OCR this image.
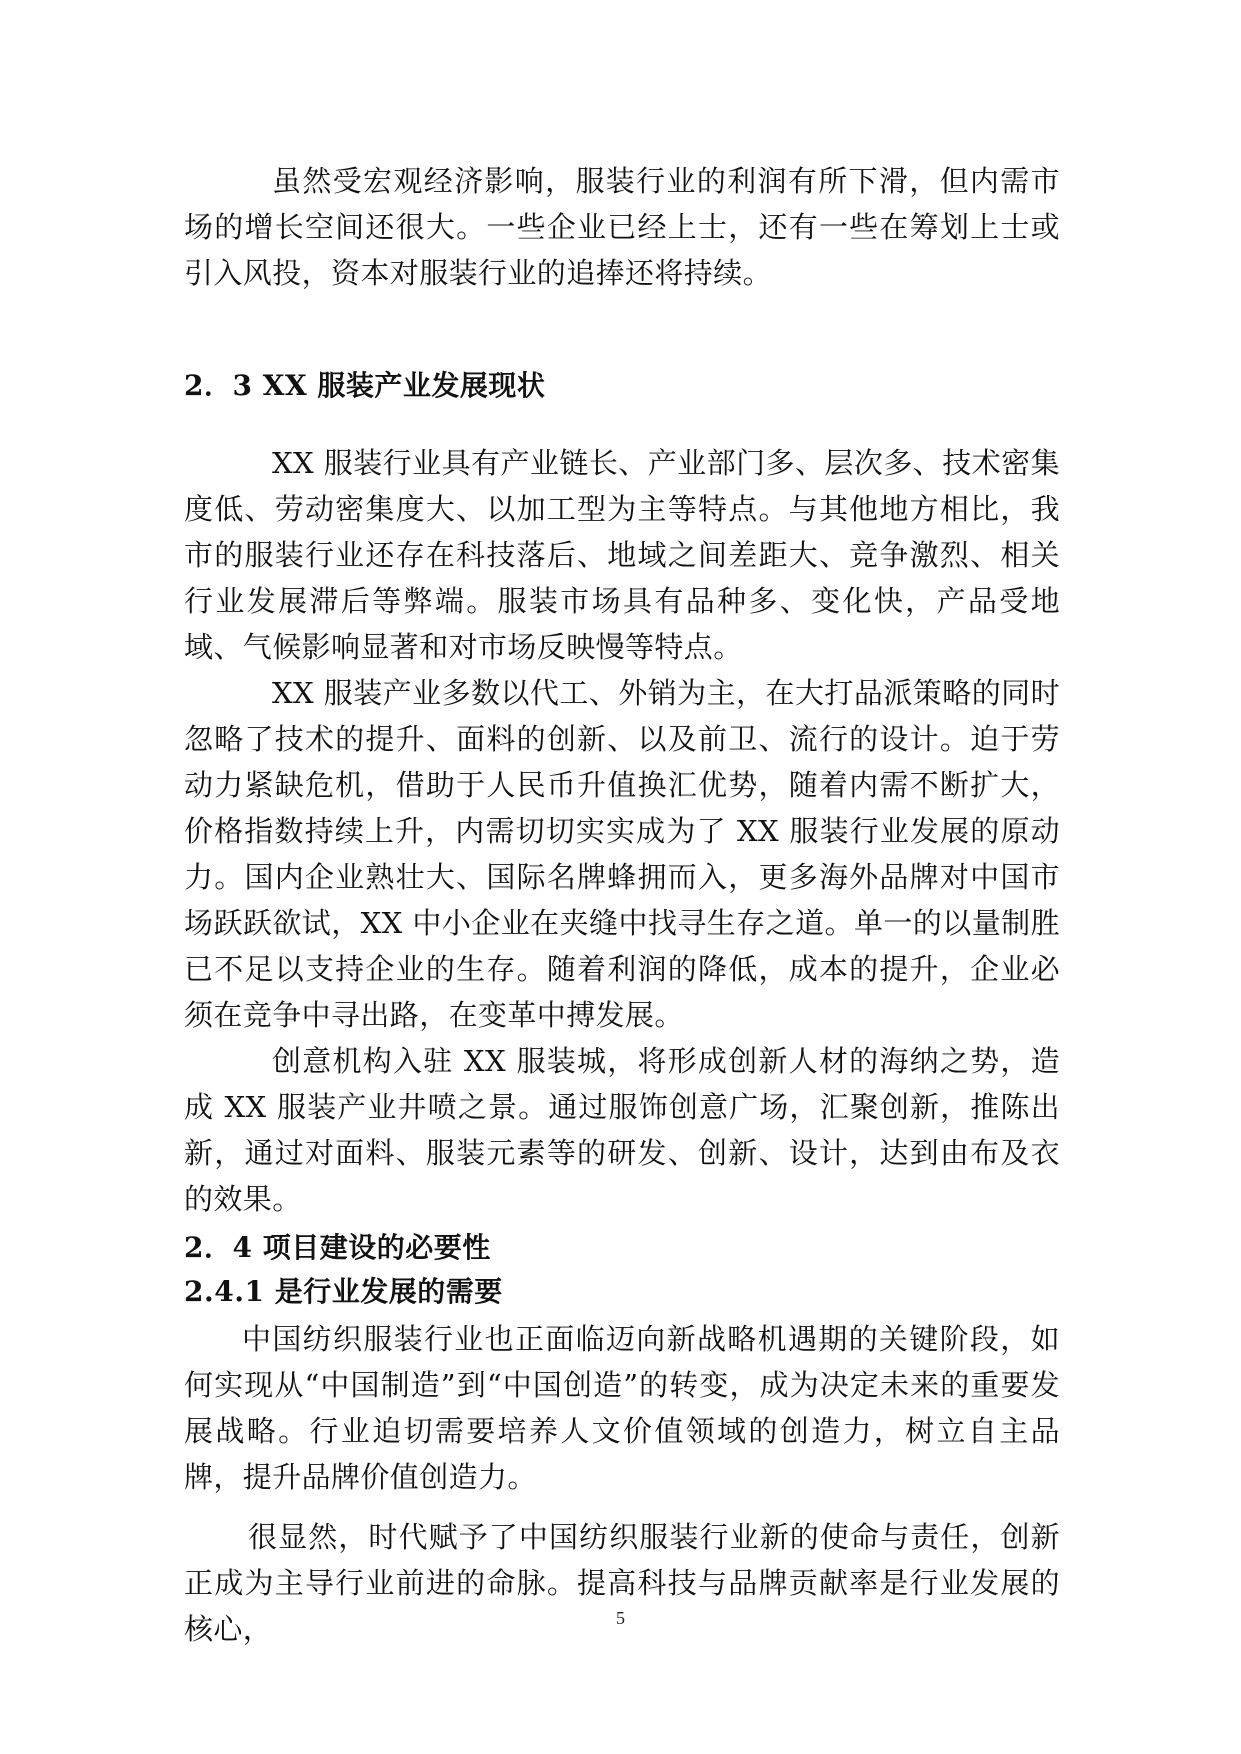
虽然受宏观经济影响，服装行业的利润有所下滑，但内需市场的增长空间还很大。一些企业已经上士，还有一些在筹划上士或引入风投，资本对服装行业的追捧还将持续。

2．3 XX 服装产业发展现状

XX 服装行业具有产业链长、产业部门多、层次多、技术密集度低、劳动密集度大、以加工型为主等特点。与其他地方相比，我市的服装行业还存在科技落后、地域之间差距大、竞争激烈、相关行业发展滞后等弊端。服装市场具有品种多、变化快，产品受地域、气候影响显著和对市场反映慢等特点。

XX 服装产业多数以代工、外销为主，在大打品派策略的同时忽略了技术的提升、面料的创新、以及前卫、流行的设计。迫于劳动力紧缺危机，借助于人民币升值换汇优势，随着内需不断扩大，价格指数持续上升，内需切切实实成为了 XX 服装行业发展的原动力。国内企业熟壮大、国际名牌蜂拥而入，更多海外品牌对中国市场跃跃欲试，XX 中小企业在夹缝中找寻生存之道。单一的以量制胜已不足以支持企业的生存。随着利润的降低，成本的提升，企业必须在竞争中寻出路，在变革中搏发展。

创意机构入驻 XX 服装城，将形成创新人材的海纳之势，造成 XX 服装产业井喷之景。通过服饰创意广场，汇聚创新，推陈出新，通过对面料、服装元素等的研发、创新、设计，达到由布及衣的效果。

2．4 项目建设的必要性
2.4.1 是行业发展的需要

中国纺织服装行业也正面临迈向新战略机遇期的关键阶段，如何实现从“中国制造”到“中国创造”的转变，成为决定未来的重要发展战略。行业迫切需要培养人文价值领域的创造力，树立自主品牌，提升品牌价值创造力。

很显然，时代赋予了中国纺织服装行业新的使命与责任，创新正成为主导行业前进的命脉。提高科技与品牌贡献率是行业发展的核心，	5
